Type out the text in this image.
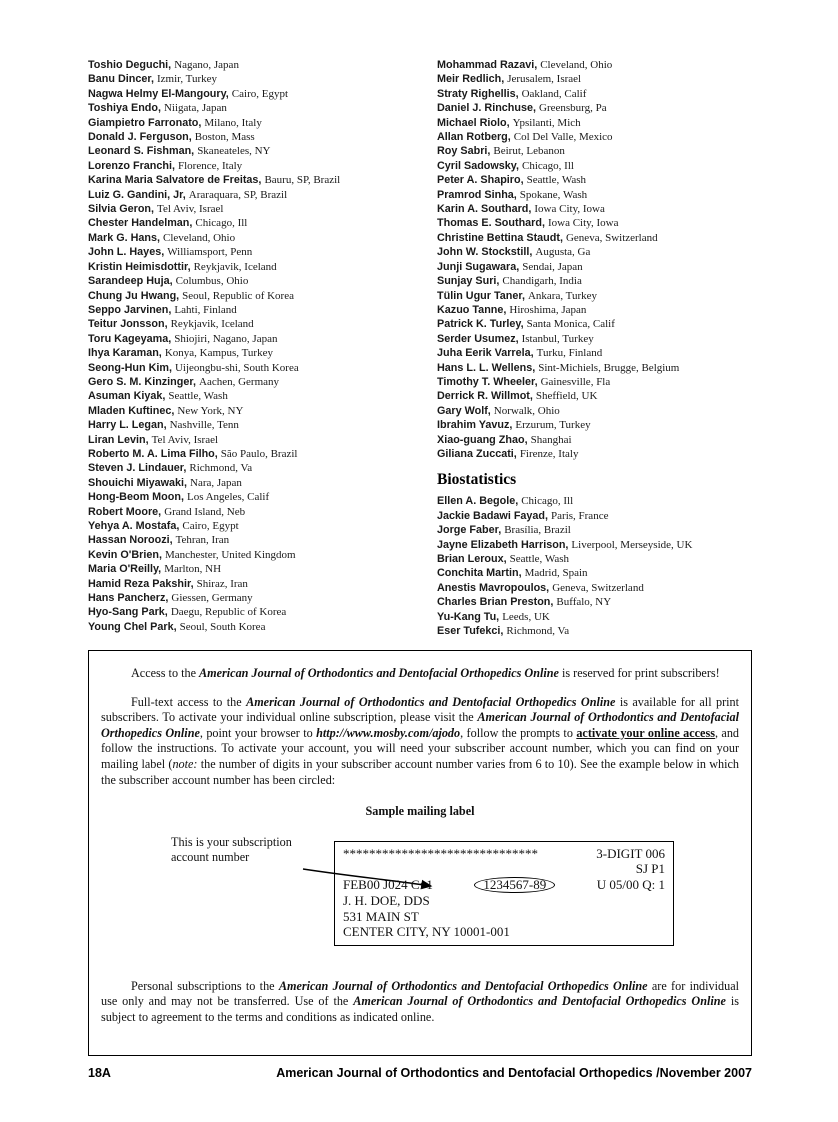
Toshio Deguchi, Nagano, Japan
Banu Dincer, Izmir, Turkey
Nagwa Helmy El-Mangoury, Cairo, Egypt
Toshiya Endo, Niigata, Japan
Giampietro Farronato, Milano, Italy
Donald J. Ferguson, Boston, Mass
Leonard S. Fishman, Skaneateles, NY
Lorenzo Franchi, Florence, Italy
Karina Maria Salvatore de Freitas, Bauru, SP, Brazil
Luiz G. Gandini, Jr, Araraquara, SP, Brazil
Silvia Geron, Tel Aviv, Israel
Chester Handelman, Chicago, Ill
Mark G. Hans, Cleveland, Ohio
John L. Hayes, Williamsport, Penn
Kristin Heimisdottir, Reykjavik, Iceland
Sarandeep Huja, Columbus, Ohio
Chung Ju Hwang, Seoul, Republic of Korea
Seppo Jarvinen, Lahti, Finland
Teitur Jonsson, Reykjavik, Iceland
Toru Kageyama, Shiojiri, Nagano, Japan
Ihya Karaman, Konya, Kampus, Turkey
Seong-Hun Kim, Uijeongbu-shi, South Korea
Gero S. M. Kinzinger, Aachen, Germany
Asuman Kiyak, Seattle, Wash
Mladen Kuftinec, New York, NY
Harry L. Legan, Nashville, Tenn
Liran Levin, Tel Aviv, Israel
Roberto M. A. Lima Filho, São Paulo, Brazil
Steven J. Lindauer, Richmond, Va
Shouichi Miyawaki, Nara, Japan
Hong-Beom Moon, Los Angeles, Calif
Robert Moore, Grand Island, Neb
Yehya A. Mostafa, Cairo, Egypt
Hassan Noroozi, Tehran, Iran
Kevin O'Brien, Manchester, United Kingdom
Maria O'Reilly, Marlton, NH
Hamid Reza Pakshir, Shiraz, Iran
Hans Pancherz, Giessen, Germany
Hyo-Sang Park, Daegu, Republic of Korea
Young Chel Park, Seoul, South Korea
Mohammad Razavi, Cleveland, Ohio
Meir Redlich, Jerusalem, Israel
Straty Righellis, Oakland, Calif
Daniel J. Rinchuse, Greensburg, Pa
Michael Riolo, Ypsilanti, Mich
Allan Rotberg, Col Del Valle, Mexico
Roy Sabri, Beirut, Lebanon
Cyril Sadowsky, Chicago, Ill
Peter A. Shapiro, Seattle, Wash
Pramrod Sinha, Spokane, Wash
Karin A. Southard, Iowa City, Iowa
Thomas E. Southard, Iowa City, Iowa
Christine Bettina Staudt, Geneva, Switzerland
John W. Stockstill, Augusta, Ga
Junji Sugawara, Sendai, Japan
Sunjay Suri, Chandigarh, India
Tülin Ugur Taner, Ankara, Turkey
Kazuo Tanne, Hiroshima, Japan
Patrick K. Turley, Santa Monica, Calif
Serder Usumez, Istanbul, Turkey
Juha Eerik Varrela, Turku, Finland
Hans L. L. Wellens, Sint-Michiels, Brugge, Belgium
Timothy T. Wheeler, Gainesville, Fla
Derrick R. Willmot, Sheffield, UK
Gary Wolf, Norwalk, Ohio
Ibrahim Yavuz, Erzurum, Turkey
Xiao-guang Zhao, Shanghai
Giliana Zuccati, Firenze, Italy
Biostatistics
Ellen A. Begole, Chicago, Ill
Jackie Badawi Fayad, Paris, France
Jorge Faber, Brasília, Brazil
Jayne Elizabeth Harrison, Liverpool, Merseyside, UK
Brian Leroux, Seattle, Wash
Conchita Martin, Madrid, Spain
Anestis Mavropoulos, Geneva, Switzerland
Charles Brian Preston, Buffalo, NY
Yu-Kang Tu, Leeds, UK
Eser Tufekci, Richmond, Va

Access to the American Journal of Orthodontics and Dentofacial Orthopedics Online is reserved for print subscribers!

Full-text access to the American Journal of Orthodontics and Dentofacial Orthopedics Online is available for all print subscribers. To activate your individual online subscription, please visit the American Journal of Orthodontics and Dentofacial Orthopedics Online, point your browser to http://www.mosby.com/ajodo, follow the prompts to activate your online access, and follow the instructions. To activate your account, you will need your subscriber account number, which you can find on your mailing label (note: the number of digits in your subscriber account number varies from 6 to 10). See the example below in which the subscriber account number has been circled:

Sample mailing label
This is your subscription account number	******************************	3-DIGIT 006
SJ P1
FEB00 J024 C: 1	1234567-89	U 05/00 Q: 1
J. H. DOE, DDS
531 MAIN ST
CENTER CITY, NY 10001-001

Personal subscriptions to the American Journal of Orthodontics and Dentofacial Orthopedics Online are for individual use only and may not be transferred. Use of the American Journal of Orthodontics and Dentofacial Orthopedics Online is subject to agreement to the terms and conditions as indicated online.

18A	American Journal of Orthodontics and Dentofacial Orthopedics /November 2007
